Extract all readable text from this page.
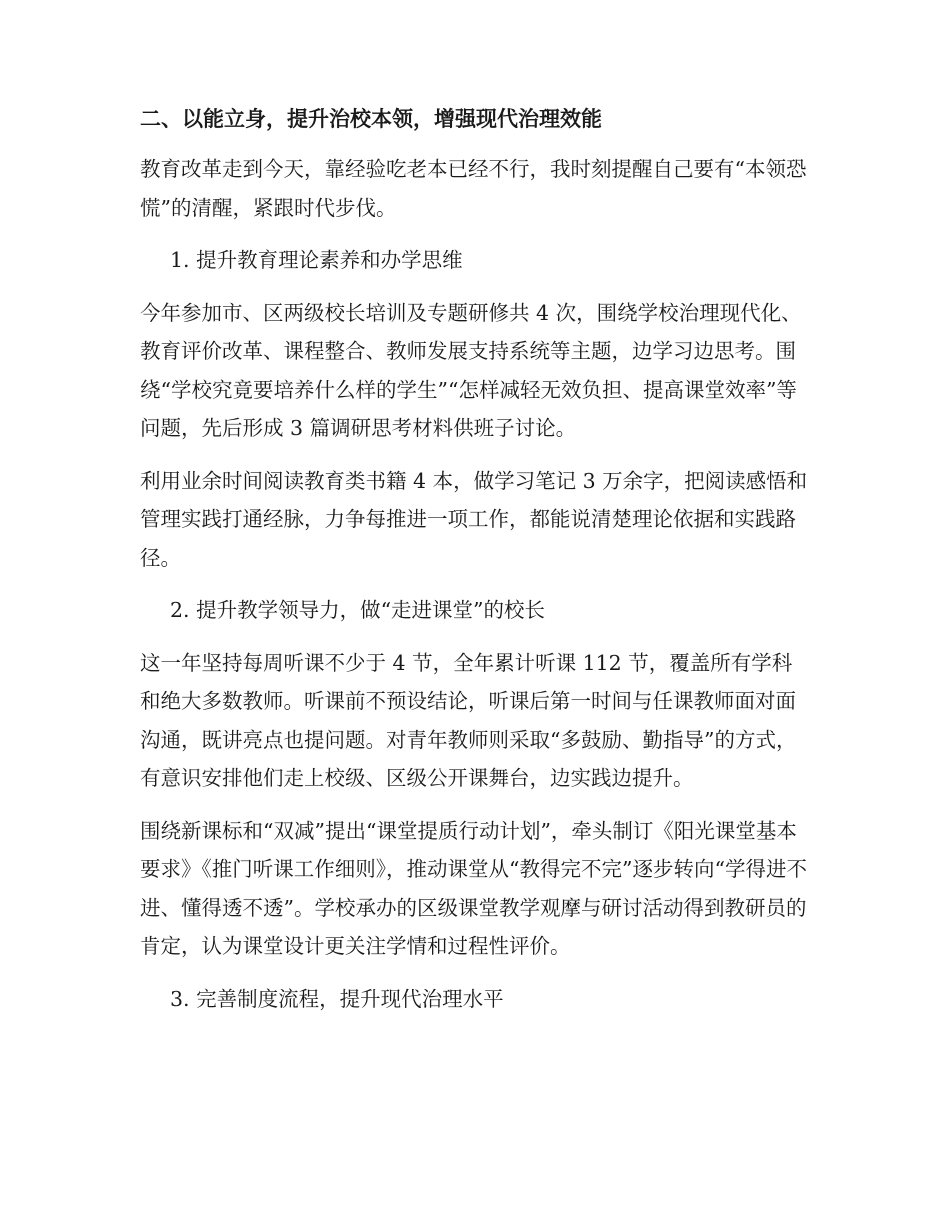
二、以能立身，提升治校本领，增强现代治理效能

教育改革走到今天，靠经验吃老本已经不行，我时刻提醒自己要有“本领恐慌”的清醒，紧跟时代步伐。

1. 提升教育理论素养和办学思维

今年参加市、区两级校长培训及专题研修共 4 次，围绕学校治理现代化、教育评价改革、课程整合、教师发展支持系统等主题，边学习边思考。围绕“学校究竟要培养什么样的学生”“怎样减轻无效负担、提高课堂效率”等问题，先后形成 3 篇调研思考材料供班子讨论。

利用业余时间阅读教育类书籍 4 本，做学习笔记 3 万余字，把阅读感悟和管理实践打通经脉，力争每推进一项工作，都能说清楚理论依据和实践路径。

2. 提升教学领导力，做“走进课堂”的校长

这一年坚持每周听课不少于 4 节，全年累计听课 112 节，覆盖所有学科和绝大多数教师。听课前不预设结论，听课后第一时间与任课教师面对面沟通，既讲亮点也提问题。对青年教师则采取“多鼓励、勤指导”的方式，有意识安排他们走上校级、区级公开课舞台，边实践边提升。

围绕新课标和“双减”提出“课堂提质行动计划”，牵头制订《阳光课堂基本要求》《推门听课工作细则》，推动课堂从“教得完不完”逐步转向“学得进不进、懂得透不透”。学校承办的区级课堂教学观摩与研讨活动得到教研员的肯定，认为课堂设计更关注学情和过程性评价。

3. 完善制度流程，提升现代治理水平
